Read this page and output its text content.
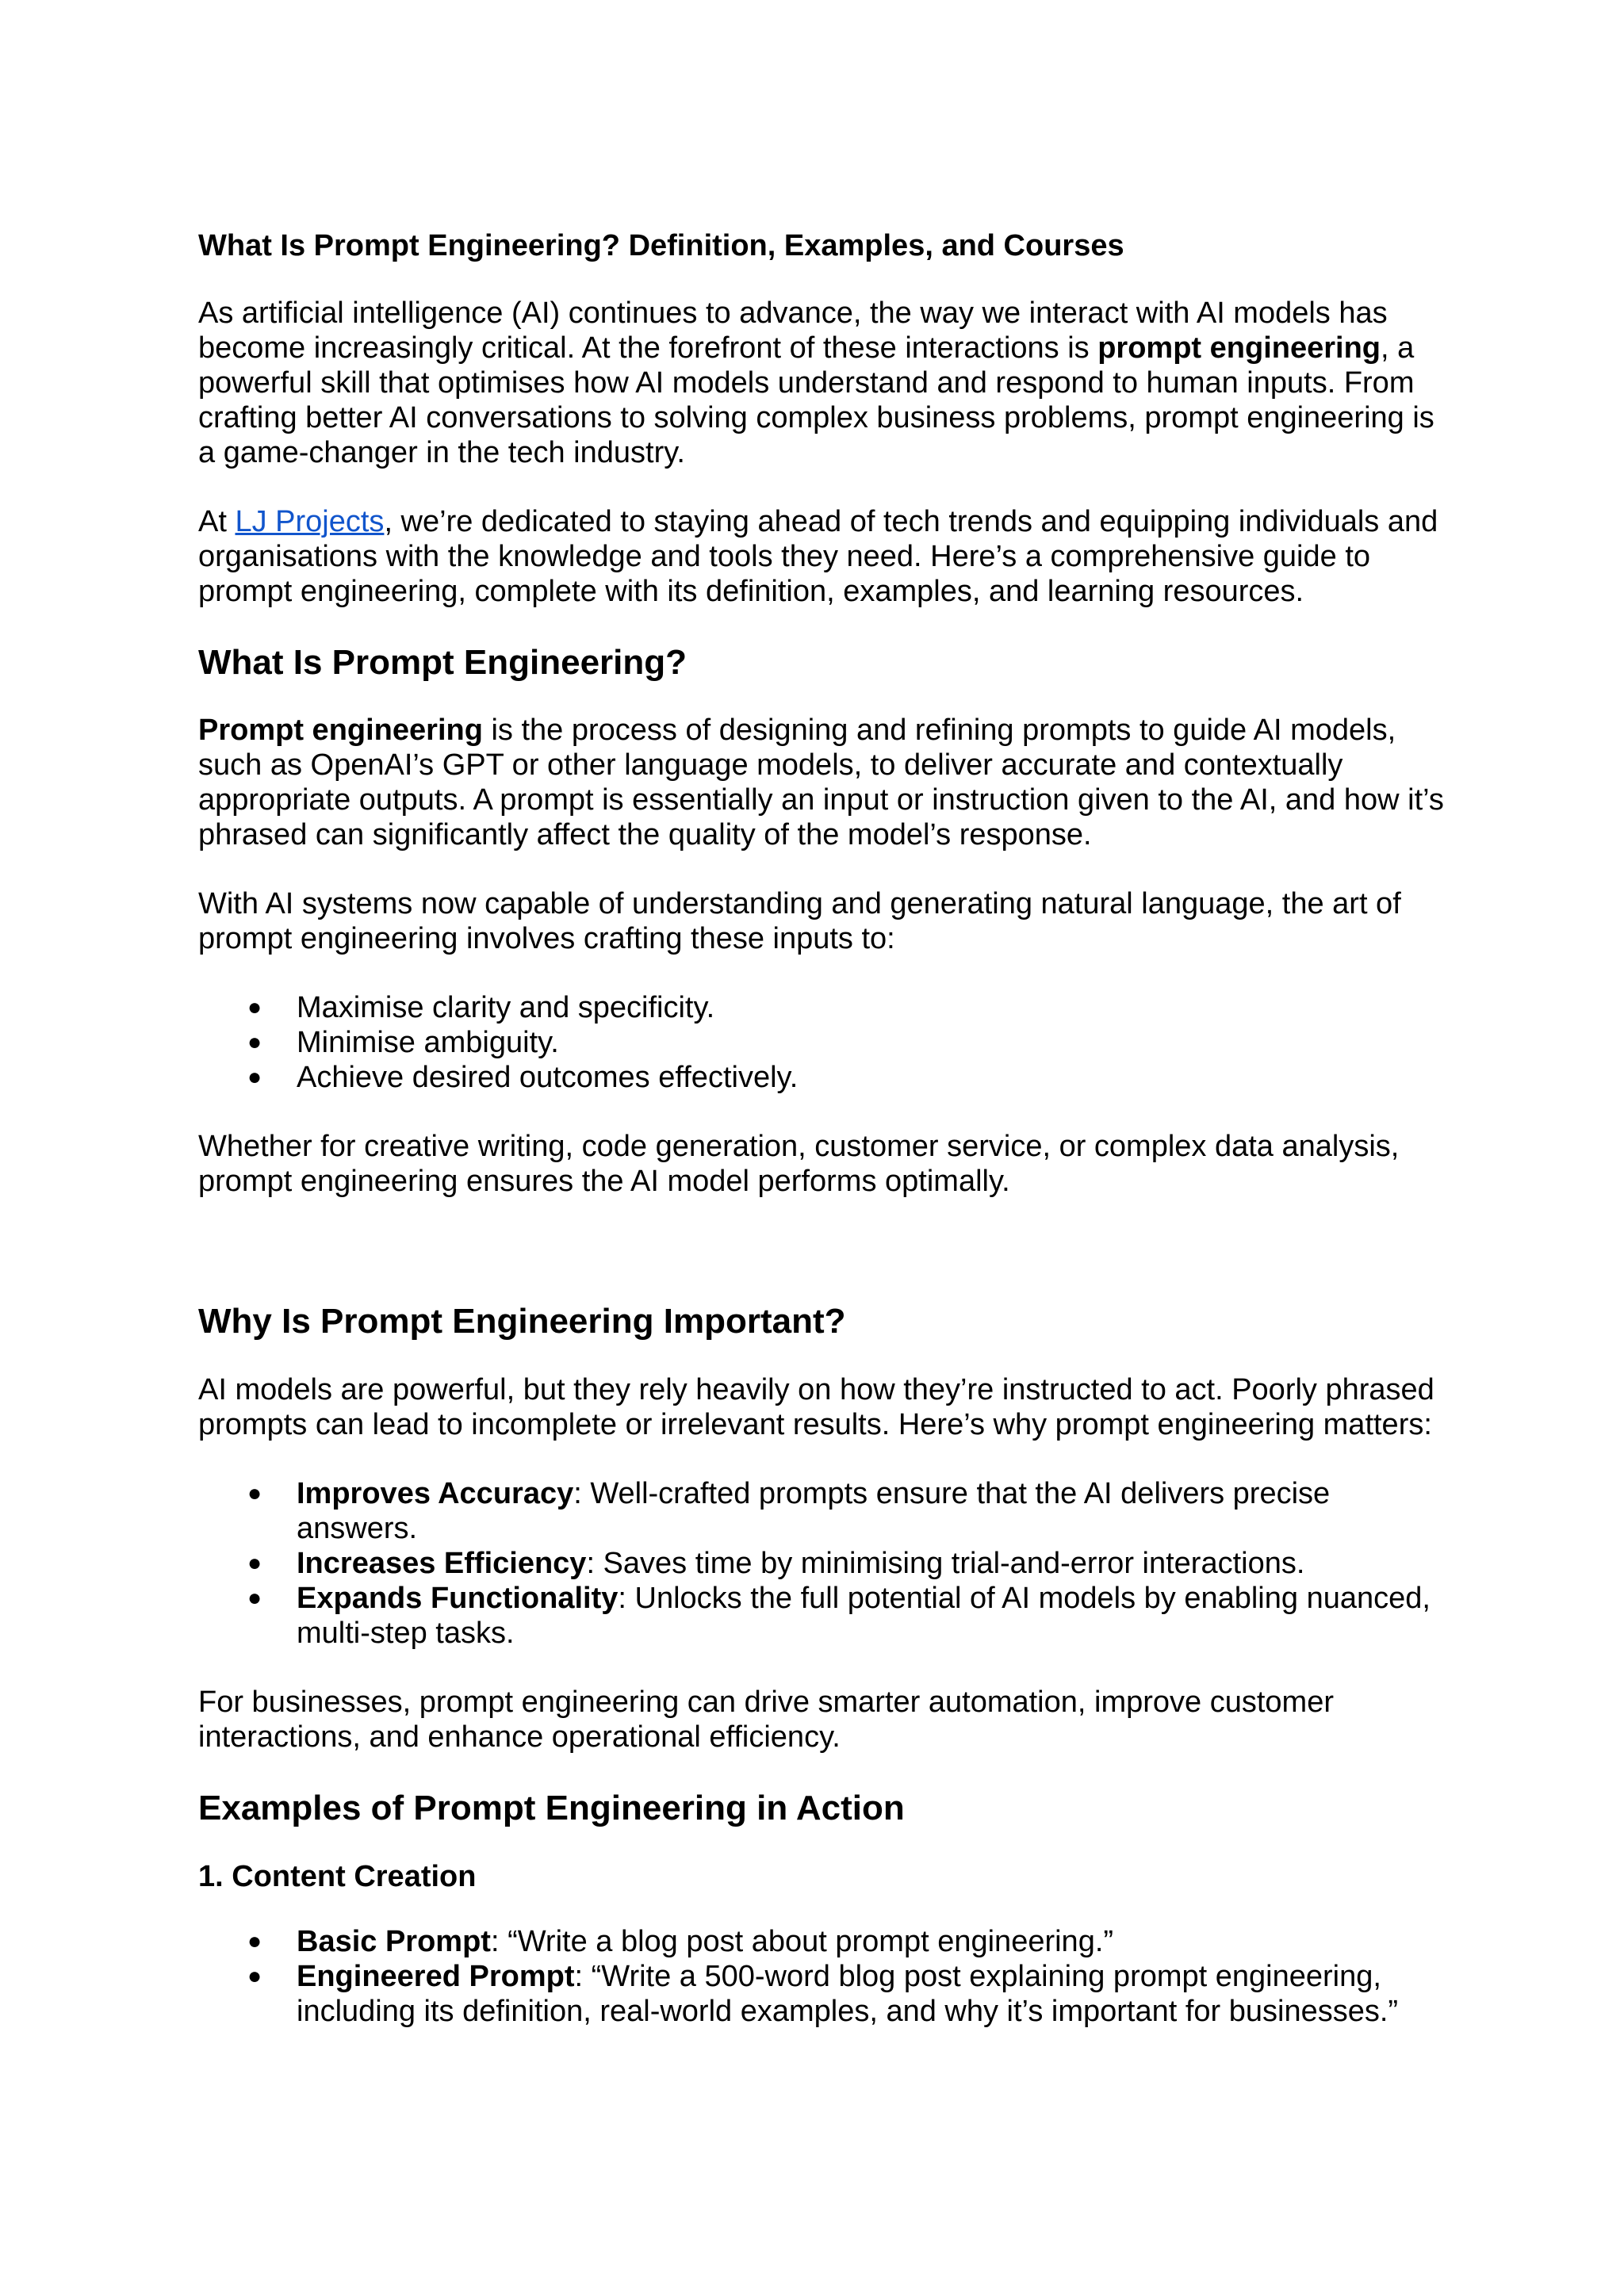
What Is Prompt Engineering? Definition, Examples, and Courses

As artificial intelligence (AI) continues to advance, the way we interact with AI models has become increasingly critical. At the forefront of these interactions is prompt engineering, a powerful skill that optimises how AI models understand and respond to human inputs. From crafting better AI conversations to solving complex business problems, prompt engineering is a game-changer in the tech industry.

At LJ Projects, we’re dedicated to staying ahead of tech trends and equipping individuals and organisations with the knowledge and tools they need. Here’s a comprehensive guide to prompt engineering, complete with its definition, examples, and learning resources.

What Is Prompt Engineering?

Prompt engineering is the process of designing and refining prompts to guide AI models, such as OpenAI’s GPT or other language models, to deliver accurate and contextually appropriate outputs. A prompt is essentially an input or instruction given to the AI, and how it’s phrased can significantly affect the quality of the model’s response.

With AI systems now capable of understanding and generating natural language, the art of prompt engineering involves crafting these inputs to:

● Maximise clarity and specificity.
● Minimise ambiguity.
● Achieve desired outcomes effectively.

Whether for creative writing, code generation, customer service, or complex data analysis, prompt engineering ensures the AI model performs optimally.

Why Is Prompt Engineering Important?

AI models are powerful, but they rely heavily on how they’re instructed to act. Poorly phrased prompts can lead to incomplete or irrelevant results. Here’s why prompt engineering matters:

● Improves Accuracy: Well-crafted prompts ensure that the AI delivers precise answers.
● Increases Efficiency: Saves time by minimising trial-and-error interactions.
● Expands Functionality: Unlocks the full potential of AI models by enabling nuanced, multi-step tasks.

For businesses, prompt engineering can drive smarter automation, improve customer interactions, and enhance operational efficiency.

Examples of Prompt Engineering in Action
1. Content Creation
● Basic Prompt: “Write a blog post about prompt engineering.”
● Engineered Prompt: “Write a 500-word blog post explaining prompt engineering, including its definition, real-world examples, and why it’s important for businesses.”
